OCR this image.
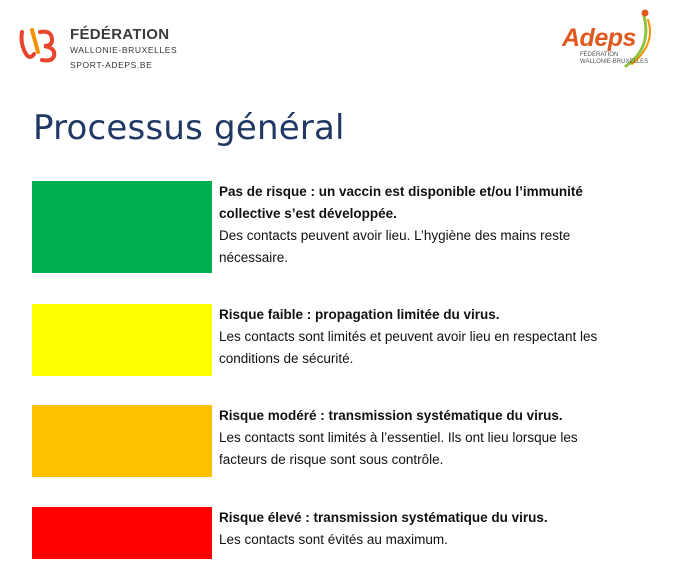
FÉDÉRATION
WALLONIE-BRUXELLES
SPORT-ADEPS.BE
Adeps
FÉDÉRATION
WALLONIE-BRUXELLES
Processus général
Pas de risque : un vaccin est disponible et/ou l’immunité
collective s’est développée.
Des contacts peuvent avoir lieu. L’hygiène des mains reste
nécessaire.
Risque faible : propagation limitée du virus.
Les contacts sont limités et peuvent avoir lieu en respectant les
conditions de sécurité.
Risque modéré : transmission systématique du virus.
Les contacts sont limités à l’essentiel. Ils ont lieu lorsque les
facteurs de risque sont sous contrôle.
Risque élevé : transmission systématique du virus.
Les contacts sont évités au maximum.
